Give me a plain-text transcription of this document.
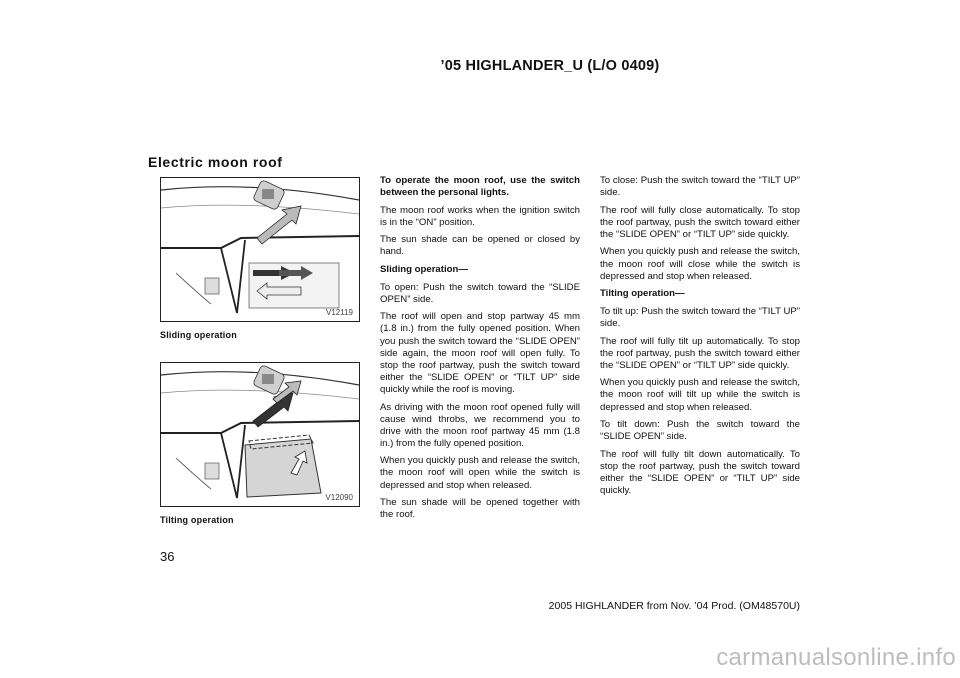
’05 HIGHLANDER_U (L/O 0409)
Electric moon roof
V12119
Sliding operation
V12090
Tilting operation

To operate the moon roof, use the switch between the personal lights.

The moon roof works when the ignition switch is in the “ON” position.

The sun shade can be opened or closed by hand.

Sliding operation—

To open: Push the switch toward the “SLIDE OPEN” side.

The roof will open and stop partway 45 mm (1.8 in.) from the fully opened position. When you push the switch toward the “SLIDE OPEN” side again, the moon roof will open fully. To stop the roof partway, push the switch toward either the “SLIDE OPEN” or “TILT UP” side quickly while the roof is moving.

As driving with the moon roof opened fully will cause wind throbs, we recommend you to drive with the moon roof partway 45 mm (1.8 in.) from the fully opened position.

When you quickly push and release the switch, the moon roof will open while the switch is depressed and stop when released.

The sun shade will be opened together with the roof.

To close: Push the switch toward the “TILT UP” side.

The roof will fully close automatically. To stop the roof partway, push the switch toward either the “SLIDE OPEN” or “TILT UP” side quickly.

When you quickly push and release the switch, the moon roof will close while the switch is depressed and stop when released.

Tilting operation—

To tilt up: Push the switch toward the “TILT UP” side.

The roof will fully tilt up automatically. To stop the roof partway, push the switch toward either the “SLIDE OPEN” or “TILT UP” side quickly.

When you quickly push and release the switch, the moon roof will tilt up while the switch is depressed and stop when released.

To tilt down: Push the switch toward the “SLIDE OPEN” side.

The roof will fully tilt down automatically. To stop the roof partway, push the switch toward either the “SLIDE OPEN” or “TILT UP” side quickly.

36
2005 HIGHLANDER from Nov. ’04 Prod. (OM48570U)
carmanualsonline.info
